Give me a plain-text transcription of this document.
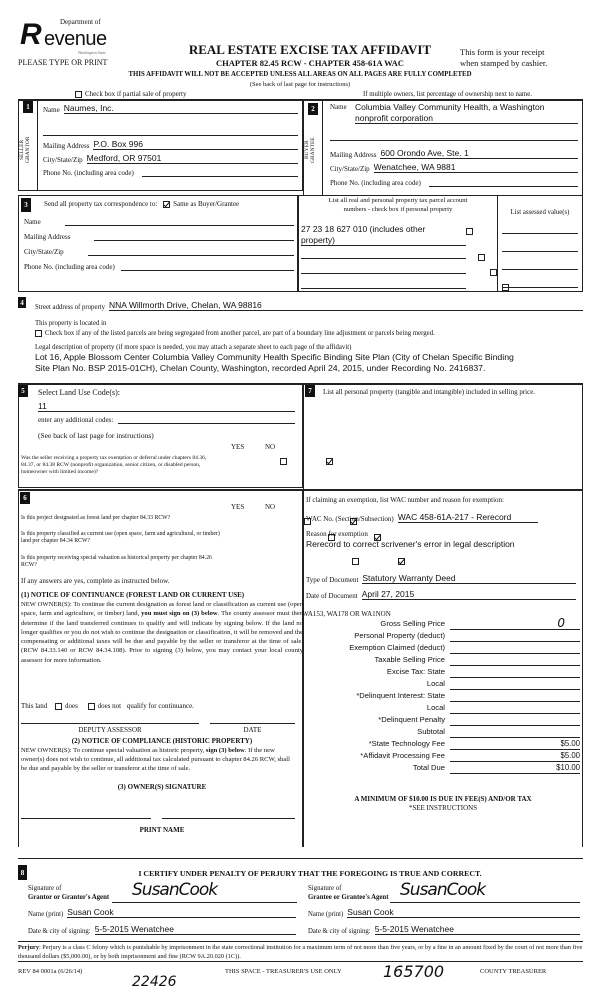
R	Department of
evenue
Washington State
PLEASE TYPE OR PRINT
REAL ESTATE EXCISE TAX AFFIDAVIT
CHAPTER 82.45 RCW - CHAPTER 458-61A WAC
This form is your receipt
when stamped by cashier.
THIS AFFIDAVIT WILL NOT BE ACCEPTED UNLESS ALL AREAS ON ALL PAGES ARE FULLY COMPLETED
(See back of last page for instructions)
Check box if partial sale of property	If multiple owners, list percentage of ownership next to name.
1
SELLER
GRANTOR
Name Naumes, Inc.
Mailing Address P.O. Box 996
City/State/Zip Medford, OR 97501
Phone No. (including area code)
2
BUYER
GRANTEE
Name Columbia Valley Community Health, a Washington
nonprofit corporation
Mailing Address 600 Orondo Ave, Ste. 1
City/State/Zip Wenatchee, WA 9881
Phone No. (including area code)
3	Send all property tax correspondence to: Same as Buyer/Grantee
Name
Mailing Address
City/State/Zip
Phone No. (including area code)
List all real and personal property tax parcel account
numbers - check box if personal property
27 23 18 627 010 (includes other

property)

List assessed value(s)
4
Street address of property NNA Willmorth Drive, Chelan, WA 98816
This property is located in
Check box if any of the listed parcels are being segregated from another parcel, are part of a boundary line adjustment or parcels being merged.
Legal description of property (if more space is needed, you may attach a separate sheet to each page of the affidavit)
Lot 16, Apple Blossom Center Columbia Valley Community Health Specific Binding Site Plan (City of Chelan Specific Binding
Site Plan No. BSP 2015-01CH), Chelan County, Washington, recorded April 24, 2015, under Recording No. 2416837.
5	Select Land Use Code(s):
11
enter any additional codes:
(See back of last page for instructions)
YES	NO
Was the seller receiving a property tax exemption or deferral under chapters 84.36, 84.37, or 84.38 RCW (nonprofit organization, senior citizen, or disabled person, homeowner with limited income)?

7	List all personal property (tangible and intangible) included in selling price.
6
YES	NO
Is this project designated as forest land per chapter 84.33 RCW?

Is this property classified as current use (open space, farm and agricultural, or timber) land per chapter 84.34 RCW?

Is this property receiving special valuation as historical property per chapter 84.26 RCW?

If any answers are yes, complete as instructed below.
(1) NOTICE OF CONTINUANCE (FOREST LAND OR CURRENT USE)
NEW OWNER(S): To continue the current designation as forest land or classification as current use (open space, farm and agriculture, or timber) land, you must sign on (3) below. The county assessor must then determine if the land transferred continues to qualify and will indicate by signing below. If the land no longer qualifies or you do not wish to continue the designation or classification, it will be removed and the compensating or additional taxes will be due and payable by the seller or transferor at the time of sale. (RCW 84.33.140 or RCW 84.34.108). Prior to signing (3) below, you may contact your local county assessor for more information.
This land	does	does not qualify for continuance.
DEPUTY ASSESSOR	DATE
(2) NOTICE OF COMPLIANCE (HISTORIC PROPERTY)
NEW OWNER(S): To continue special valuation as historic property, sign (3) below. If the new owner(s) does not wish to continue, all additional tax calculated pursuant to chapter 84.26 RCW, shall be due and payable by the seller or transferor at the time of sale.
(3) OWNER(S) SIGNATURE
PRINT NAME
If claiming an exemption, list WAC number and reason for exemption:
WAC No. (Section/Subsection) WAC 458-61A-217 - Rerecord
Reason for exemption
Rerecord to correct scrivener's error in legal description
Type of Document Statutory Warranty Deed
Date of Document April 27, 2015
WA153, WA178 OR WA1NON
Gross Selling Price	0
Personal Property (deduct)
Exemption Claimed (deduct)
Taxable Selling Price
Excise Tax: State
Local
*Delinquent Interest: State
Local
*Delinquent Penalty
Subtotal
*State Technology Fee	$5.00
*Affidavit Processing Fee	$5.00
Total Due	$10.00
A MINIMUM OF $10.00 IS DUE IN FEE(S) AND/OR TAX
*SEE INSTRUCTIONS
8	I CERTIFY UNDER PENALTY OF PERJURY THAT THE FOREGOING IS TRUE AND CORRECT.
Signature of
Grantor or Grantor's Agent	SusanCook
Name (print) Susan Cook
Date & city of signing: 5-5-2015 Wenatchee
Signature of
Grantee or Grantee's Agent SusanCook
Name (print) Susan Cook
Date & city of signing: 5-5-2015 Wenatchee
Perjury: Perjury is a class C felony which is punishable by imprisonment in the state correctional institution for a maximum term of not more than five years, or by a fine in an amount fixed by the court of not more than five thousand dollars ($5,000.00), or by both imprisonment and fine (RCW 9A.20.020 (1C)).
REV 84 0001a (6/26/14)
22426
THIS SPACE - TREASURER'S USE ONLY	165700	COUNTY TREASURER
